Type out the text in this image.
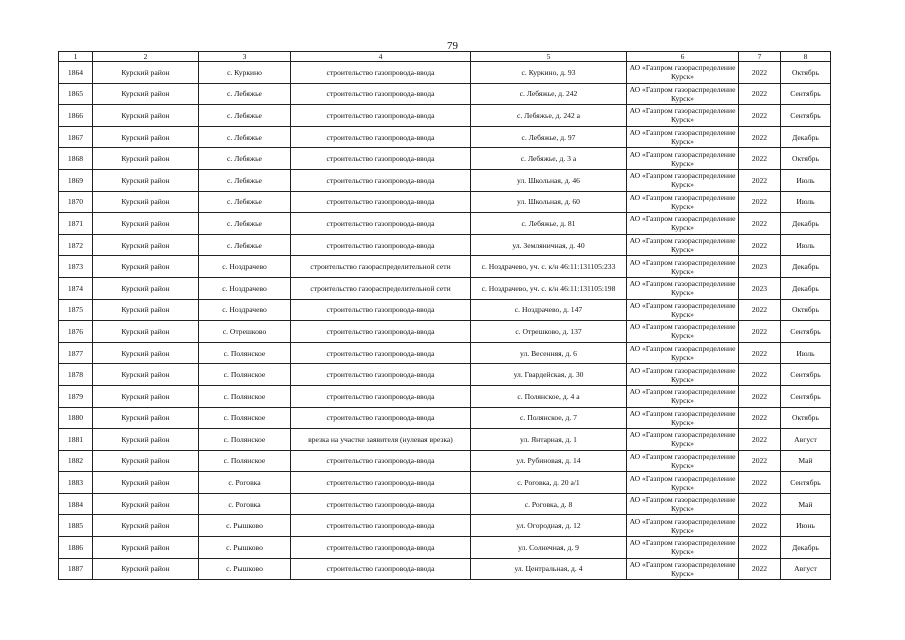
79
1	2	3	4	5	6	7	8
1864	Курский район	с. Куркино	строительство газопровода-ввода	с. Куркино, д. 93	АО «Газпром газораспределение Курск»	2022	Октябрь
1865	Курский район	с. Лебяжье	строительство газопровода-ввода	с. Лебяжье, д. 242	АО «Газпром газораспределение Курск»	2022	Сентябрь
1866	Курский район	с. Лебяжье	строительство газопровода-ввода	с. Лебяжье, д. 242 а	АО «Газпром газораспределение Курск»	2022	Сентябрь
1867	Курский район	с. Лебяжье	строительство газопровода-ввода	с. Лебяжье, д. 97	АО «Газпром газораспределение Курск»	2022	Декабрь
1868	Курский район	с. Лебяжье	строительство газопровода-ввода	с. Лебяжье, д. 3 а	АО «Газпром газораспределение Курск»	2022	Октябрь
1869	Курский район	с. Лебяжье	строительство газопровода-ввода	ул. Школьная, д. 46	АО «Газпром газораспределение Курск»	2022	Июль
1870	Курский район	с. Лебяжье	строительство газопровода-ввода	ул. Школьная, д. 60	АО «Газпром газораспределение Курск»	2022	Июль
1871	Курский район	с. Лебяжье	строительство газопровода-ввода	с. Лебяжье, д. 81	АО «Газпром газораспределение Курск»	2022	Декабрь
1872	Курский район	с. Лебяжье	строительство газопровода-ввода	ул. Земляничная, д. 40	АО «Газпром газораспределение Курск»	2022	Июль
1873	Курский район	с. Ноздрачево	строительство газораспределительной сети	с. Ноздрачево, уч. с. к/н 46:11:131105:233	АО «Газпром газораспределение Курск»	2023	Декабрь
1874	Курский район	с. Ноздрачево	строительство газораспределительной сети	с. Ноздрачево, уч. с. к/н 46:11:131105:198	АО «Газпром газораспределение Курск»	2023	Декабрь
1875	Курский район	с. Ноздрачево	строительство газопровода-ввода	с. Ноздрачево, д. 147	АО «Газпром газораспределение Курск»	2022	Октябрь
1876	Курский район	с. Отрешково	строительство газопровода-ввода	с. Отрешково, д. 137	АО «Газпром газораспределение Курск»	2022	Сентябрь
1877	Курский район	с. Полянское	строительство газопровода-ввода	ул. Весенняя, д. 6	АО «Газпром газораспределение Курск»	2022	Июль
1878	Курский район	с. Полянское	строительство газопровода-ввода	ул. Гвардейская, д. 30	АО «Газпром газораспределение Курск»	2022	Сентябрь
1879	Курский район	с. Полянское	строительство газопровода-ввода	с. Полянское, д. 4 а	АО «Газпром газораспределение Курск»	2022	Сентябрь
1880	Курский район	с. Полянское	строительство газопровода-ввода	с. Полянское, д. 7	АО «Газпром газораспределение Курск»	2022	Октябрь
1881	Курский район	с. Полянское	врезка на участке заявителя (нулевая врезка)	ул. Янтарная, д. 1	АО «Газпром газораспределение Курск»	2022	Август
1882	Курский район	с. Полянское	строительство газопровода-ввода	ул. Рубиновая, д. 14	АО «Газпром газораспределение Курск»	2022	Май
1883	Курский район	с. Роговка	строительство газопровода-ввода	с. Роговка, д. 20 а/1	АО «Газпром газораспределение Курск»	2022	Сентябрь
1884	Курский район	с. Роговка	строительство газопровода-ввода	с. Роговка, д. 8	АО «Газпром газораспределение Курск»	2022	Май
1885	Курский район	с. Рышково	строительство газопровода-ввода	ул. Огородная, д. 12	АО «Газпром газораспределение Курск»	2022	Июнь
1886	Курский район	с. Рышково	строительство газопровода-ввода	ул. Солнечная, д. 9	АО «Газпром газораспределение Курск»	2022	Декабрь
1887	Курский район	с. Рышково	строительство газопровода-ввода	ул. Центральная, д. 4	АО «Газпром газораспределение Курск»	2022	Август
